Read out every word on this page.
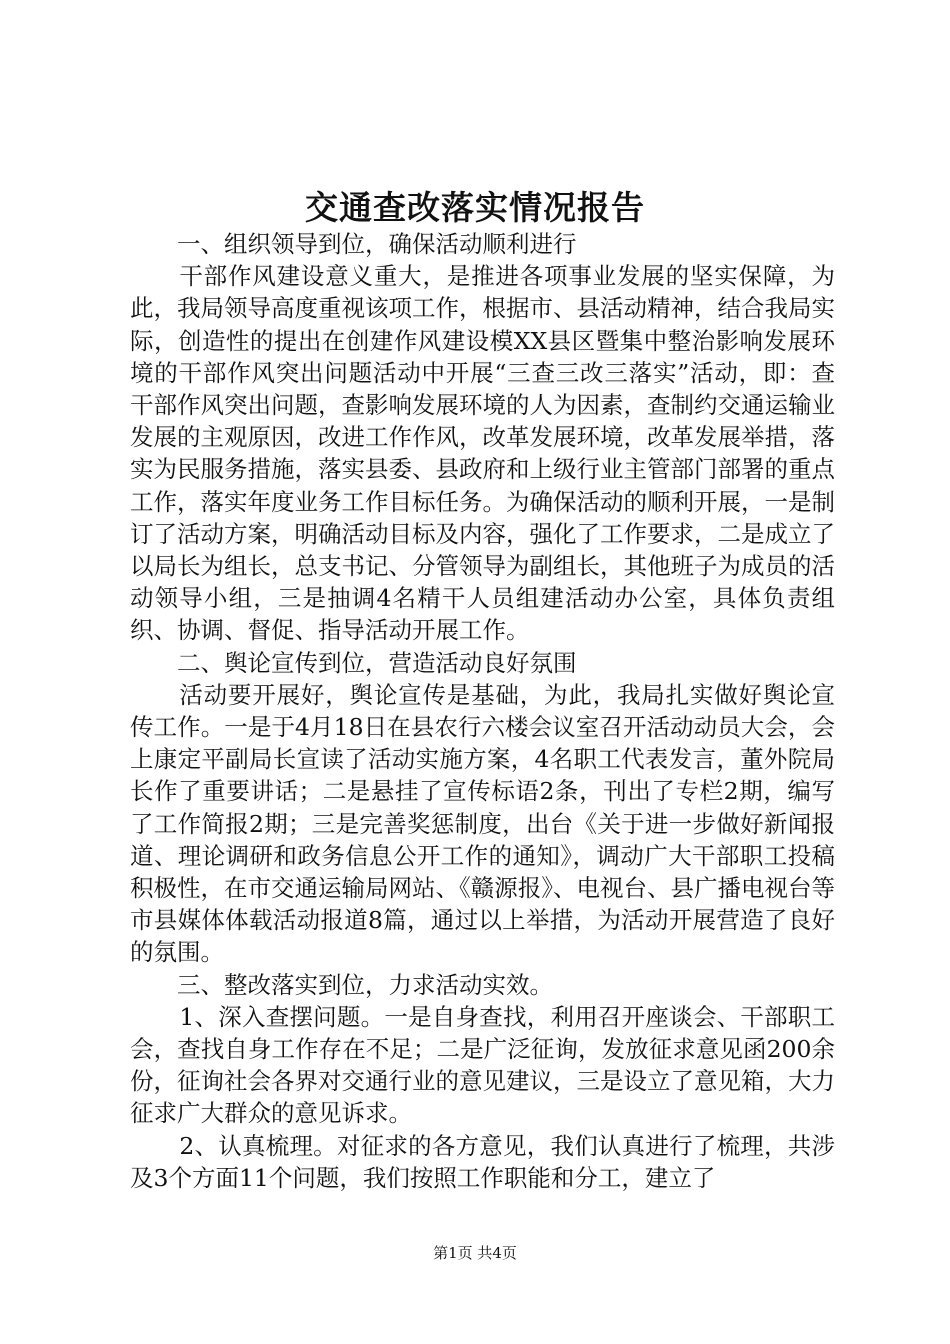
交通查改落实情况报告

一、组织领导到位，确保活动顺利进行

干部作风建设意义重大，是推进各项事业发展的坚实保障，为此，我局领导高度重视该项工作，根据市、县活动精神，结合我局实际，创造性的提出在创建作风建设模XX县区暨集中整治影响发展环境的干部作风突出问题活动中开展“三查三改三落实”活动，即：查干部作风突出问题，查影响发展环境的人为因素，查制约交通运输业发展的主观原因，改进工作作风，改革发展环境，改革发展举措，落实为民服务措施，落实县委、县政府和上级行业主管部门部署的重点工作，落实年度业务工作目标任务。为确保活动的顺利开展，一是制订了活动方案，明确活动目标及内容，强化了工作要求，二是成立了以局长为组长，总支书记、分管领导为副组长，其他班子为成员的活动领导小组，三是抽调4名精干人员组建活动办公室，具体负责组织、协调、督促、指导活动开展工作。

二、舆论宣传到位，营造活动良好氛围

活动要开展好，舆论宣传是基础，为此，我局扎实做好舆论宣传工作。一是于4月18日在县农行六楼会议室召开活动动员大会，会上康定平副局长宣读了活动实施方案，4名职工代表发言，董外院局长作了重要讲话；二是悬挂了宣传标语2条，刊出了专栏2期，编写了工作简报2期；三是完善奖惩制度，出台《关于进一步做好新闻报道、理论调研和政务信息公开工作的通知》，调动广大干部职工投稿积极性，在市交通运输局网站、《赣源报》、电视台、县广播电视台等市县媒体体载活动报道8篇，通过以上举措，为活动开展营造了良好的氛围。

三、整改落实到位，力求活动实效。

1、深入查摆问题。一是自身查找，利用召开座谈会、干部职工会，查找自身工作存在不足；二是广泛征询，发放征求意见函200余份，征询社会各界对交通行业的意见建议，三是设立了意见箱，大力征求广大群众的意见诉求。

2、认真梳理。对征求的各方意见，我们认真进行了梳理，共涉及3个方面11个问题，我们按照工作职能和分工，建立了

第1页 共4页
